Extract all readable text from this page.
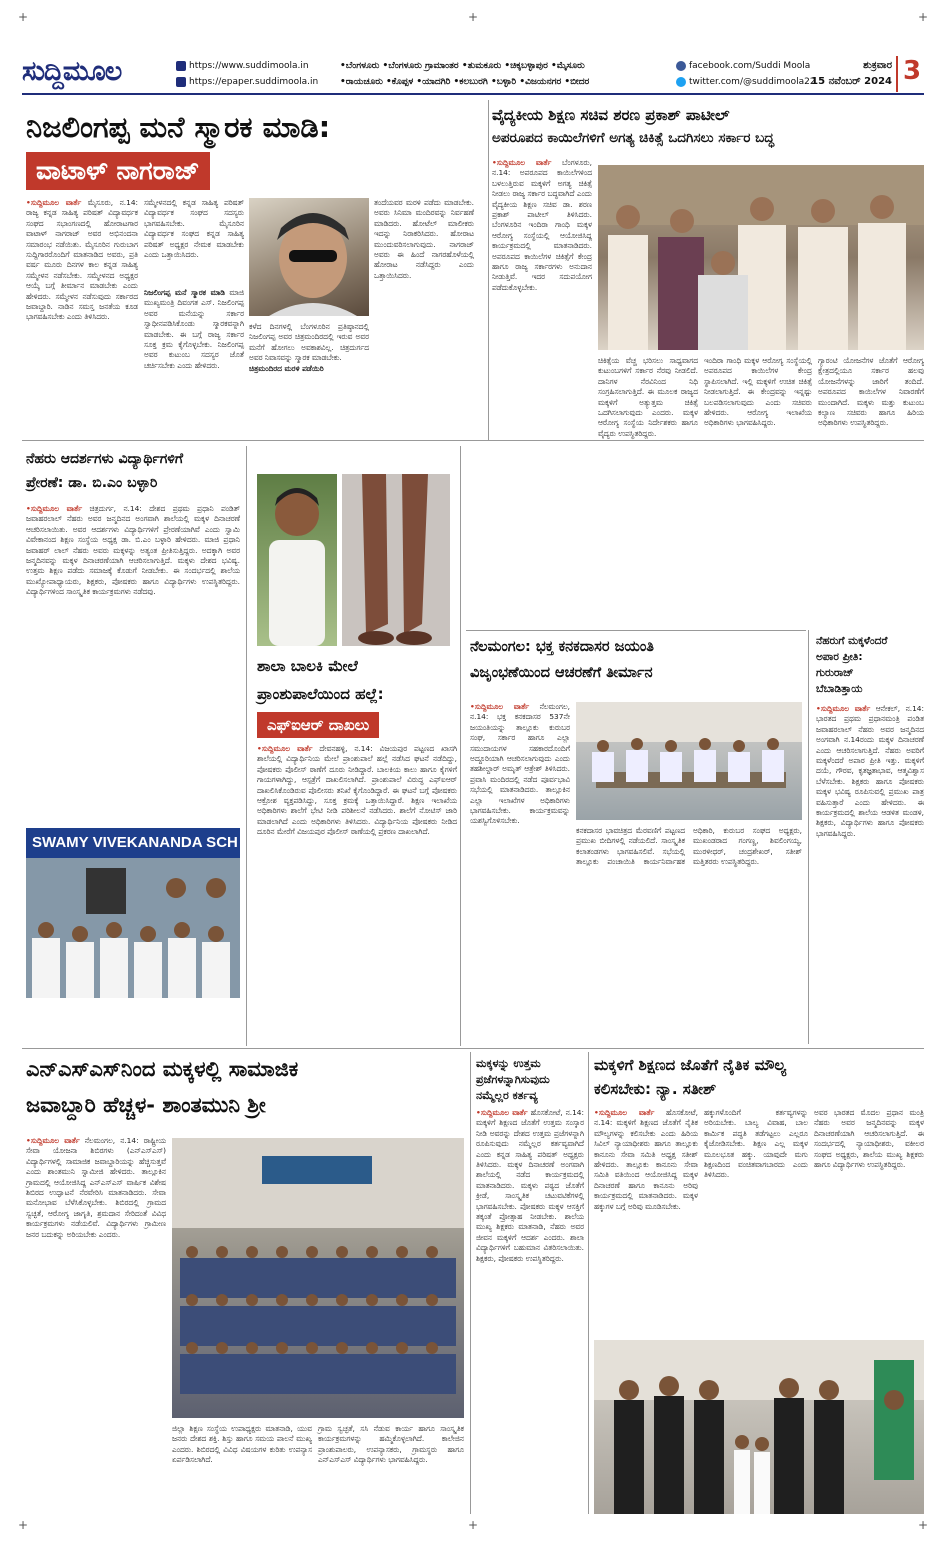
+	+	+
+	+	+
ಸುದ್ದಿಮೂಲ	https://www.suddimoola.in
https://epaper.suddimoola.in
•ಬೆಂಗಳೂರು •ಬೆಂಗಳೂರು ಗ್ರಾಮಾಂತರ •ತುಮಕೂರು •ಚಿಕ್ಕಬಳ್ಳಾಪುರ •ಮೈಸೂರು
•ರಾಯಚೂರು •ಕೊಪ್ಪಳ •ಯಾದಗಿರಿ •ಕಲಬುರಗಿ •ಬಳ್ಳಾರಿ •ವಿಜಯನಗರ •ಬೀದರ
facebook.com/Suddi Moola
twitter.com/@suddimoola22
ಶುಕ್ರವಾರ
15 ನವೆಂಬರ್ 2024 3
ನಿಜಲಿಂಗಪ್ಪ ಮನೆ ಸ್ಮಾರಕ ಮಾಡಿ:
ವಾಟಾಳ್ ನಾಗರಾಜ್
•ಸುದ್ದಿಮೂಲ ವಾರ್ತೆ ಮೈಸೂರು, ನ.14: ರಾಜ್ಯ ಕನ್ನಡ ಸಾಹಿತ್ಯ ಪರಿಷತ್ ವಿದ್ಯಾವರ್ಧಕ ಸಂಘದ ಸಭಾಂಗಣದಲ್ಲಿ ಹೋರಾಟಗಾರ ವಾಟಾಳ್ ನಾಗರಾಜ್ ಅವರ ಅಭಿನಂದನಾ ಸಮಾರಂಭ ನಡೆಯಿತು. ಮೈಸೂರಿನ ಗುರುಬಾಗ ಸುದ್ದಿಗಾರರೊಂದಿಗೆ ಮಾತನಾಡಿದ ಅವರು, ಪ್ರತಿ ವರ್ಷ ಮೂರು ದಿನಗಳ ಕಾಲ ಕನ್ನಡ ಸಾಹಿತ್ಯ ಸಮ್ಮೇಳನ ನಡೆಸಬೇಕು. ಸಮ್ಮೇಳನದ ಅಧ್ಯಕ್ಷರ ಆಯ್ಕೆ ಬಗ್ಗೆ ತೀರ್ಮಾನ ಮಾಡಬೇಕು ಎಂದು ಹೇಳಿದರು. ಸಮ್ಮೇಳನ ನಡೆಸುವುದು ಸರ್ಕಾರದ ಜವಾಬ್ದಾರಿ. ನಾಡಿನ ಸಮಸ್ತ ಜನತೆಯ ಕೂಡ ಭಾಗವಹಿಸಬೇಕು ಎಂದು ತಿಳಿಸಿದರು.
ಸಮ್ಮೇಳನದಲ್ಲಿ ಕನ್ನಡ ಸಾಹಿತ್ಯ ಪರಿಷತ್ ವಿದ್ಯಾವರ್ಧಕ ಸಂಘದ ಸದಸ್ಯರು ಭಾಗವಹಿಸಬೇಕು. ಮೈಸೂರಿನ ವಿದ್ಯಾವರ್ಧಕ ಸಂಘದ ಕನ್ನಡ ಸಾಹಿತ್ಯ ಪರಿಷತ್ ಅಧ್ಯಕ್ಷರ ನೇಮಕ ಮಾಡಬೇಕು ಎಂದು ಒತ್ತಾಯಿಸಿದರು.
ನಿಜಲಿಂಗಪ್ಪ ಮನೆ ಸ್ಮಾರಕ ಮಾಡಿ ಮಾಜಿ ಮುಖ್ಯಮಂತ್ರಿ ದಿವಂಗತ ಎಸ್. ನಿಜಲಿಂಗಪ್ಪ ಅವರ ಮನೆಯನ್ನು ಸರ್ಕಾರ ಸ್ವಾಧೀನಪಡಿಸಿಕೊಂಡು ಸ್ಮಾರಕವನ್ನಾಗಿ ಮಾಡಬೇಕು. ಈ ಬಗ್ಗೆ ರಾಜ್ಯ ಸರ್ಕಾರ ಸೂಕ್ತ ಕ್ರಮ ಕೈಗೊಳ್ಳಬೇಕು. ನಿಜಲಿಂಗಪ್ಪ ಅವರ ಕುಟುಂಬ ಸದಸ್ಯರ ಜೊತೆ ಚರ್ಚಿಸಬೇಕು ಎಂದು ಹೇಳಿದರು.
ಕಳೆದ ದಿನಗಳಲ್ಲಿ ಬೆಂಗಳೂರಿನ ಪ್ರತಿಷ್ಠಾನದಲ್ಲಿ ನಿಜಲಿಂಗಪ್ಪ ಅವರ ಚಿತ್ರಮಂದಿರದಲ್ಲಿ ಇರುವ ಅವರ ಮನೆಗೆ ಹೋಗಲು ಅವಕಾಶವಿಲ್ಲ. ಚಿತ್ರದುರ್ಗದ ಅವರ ನಿವಾಸವನ್ನು ಸ್ಮಾರಕ ಮಾಡಬೇಕು.
ಚಿತ್ರಮಂದಿರದ ಮರಳಿ ಪಡೆಯಿರಿ
ತಂದೆಯವರ ಮರಳಿ ಪಡೆದು ಮಾಡಬೇಕು. ಅವರು ಸಿನಿಮಾ ಮಂದಿರವನ್ನು ನಿರ್ವಹಣೆ ಮಾಡಿದರು. ಹೋಟೆಲ್ ಮಾಲೀಕರು ಇದನ್ನು ನಿರಾಕರಿಸಿದರು. ಹೋರಾಟ ಮುಂದುವರಿಸಲಾಗುವುದು. ನಾಗರಾಜ್ ಅವರು ಈ ಹಿಂದೆ ನಾಗರಹೊಳೆಯಲ್ಲಿ ಹೋರಾಟ ನಡೆಸಿದ್ದರು ಎಂದು ಒತ್ತಾಯಿಸಿದರು.
ವೈದ್ಯಕೀಯ ಶಿಕ್ಷಣ ಸಚಿವ ಶರಣ ಪ್ರಕಾಶ್ ಪಾಟೀಲ್
ಅಪರೂಪದ ಕಾಯಿಲೆಗಳಿಗೆ ಅಗತ್ಯ ಚಿಕಿತ್ಸೆ ಒದಗಿಸಲು ಸರ್ಕಾರ ಬದ್ಧ
•ಸುದ್ದಿಮೂಲ ವಾರ್ತೆ ಬೆಂಗಳೂರು, ನ.14: ಅಪರೂಪದ ಕಾಯಿಲೆಗಳಿಂದ ಬಳಲುತ್ತಿರುವ ಮಕ್ಕಳಿಗೆ ಅಗತ್ಯ ಚಿಕಿತ್ಸೆ ನೀಡಲು ರಾಜ್ಯ ಸರ್ಕಾರ ಬದ್ಧವಾಗಿದೆ ಎಂದು ವೈದ್ಯಕೀಯ ಶಿಕ್ಷಣ ಸಚಿವ ಡಾ. ಶರಣ ಪ್ರಕಾಶ್ ಪಾಟೀಲ್ ತಿಳಿಸಿದರು. ಬೆಂಗಳೂರಿನ ಇಂದಿರಾ ಗಾಂಧಿ ಮಕ್ಕಳ ಆರೋಗ್ಯ ಸಂಸ್ಥೆಯಲ್ಲಿ ಆಯೋಜಿಸಿದ್ದ ಕಾರ್ಯಕ್ರಮದಲ್ಲಿ ಮಾತನಾಡಿದರು. ಅಪರೂಪದ ಕಾಯಿಲೆಗಳ ಚಿಕಿತ್ಸೆಗೆ ಕೇಂದ್ರ ಹಾಗೂ ರಾಜ್ಯ ಸರ್ಕಾರಗಳು ಅನುದಾನ ನೀಡುತ್ತಿವೆ. ಇದರ ಸದುಪಯೋಗ ಪಡೆದುಕೊಳ್ಳಬೇಕು.
ಚಿಕಿತ್ಸೆಯ ವೆಚ್ಚ ಭರಿಸಲು ಸಾಧ್ಯವಾಗದ ಕುಟುಂಬಗಳಿಗೆ ಸರ್ಕಾರ ನೆರವು ನೀಡಲಿದೆ. ದಾನಿಗಳ ನೆರವಿನಿಂದ ನಿಧಿ ಸಂಗ್ರಹಿಸಲಾಗುತ್ತಿದೆ. ಈ ಮೂಲಕ ರಾಜ್ಯದ ಮಕ್ಕಳಿಗೆ ಅತ್ಯುತ್ತಮ ಚಿಕಿತ್ಸೆ ಒದಗಿಸಲಾಗುವುದು ಎಂದರು. ಮಕ್ಕಳ ಆರೋಗ್ಯ ಸಂಸ್ಥೆಯ ನಿರ್ದೇಶಕರು ಹಾಗೂ ವೈದ್ಯರು ಉಪಸ್ಥಿತರಿದ್ದರು.
ಇಂದಿರಾ ಗಾಂಧಿ ಮಕ್ಕಳ ಆರೋಗ್ಯ ಸಂಸ್ಥೆಯಲ್ಲಿ ಅಪರೂಪದ ಕಾಯಿಲೆಗಳ ಕೇಂದ್ರ ಸ್ಥಾಪಿಸಲಾಗಿದೆ. ಇಲ್ಲಿ ಮಕ್ಕಳಿಗೆ ಉಚಿತ ಚಿಕಿತ್ಸೆ ನೀಡಲಾಗುತ್ತಿದೆ. ಈ ಕೇಂದ್ರವನ್ನು ಇನ್ನಷ್ಟು ಬಲಪಡಿಸಲಾಗುವುದು ಎಂದು ಸಚಿವರು ಹೇಳಿದರು. ಆರೋಗ್ಯ ಇಲಾಖೆಯ ಅಧಿಕಾರಿಗಳು ಭಾಗವಹಿಸಿದ್ದರು.
ಗ್ಯಾರಂಟಿ ಯೋಜನೆಗಳ ಜೊತೆಗೆ ಆರೋಗ್ಯ ಕ್ಷೇತ್ರದಲ್ಲಿಯೂ ಸರ್ಕಾರ ಹಲವು ಯೋಜನೆಗಳನ್ನು ಜಾರಿಗೆ ತಂದಿದೆ. ಅಪರೂಪದ ಕಾಯಿಲೆಗಳ ನಿವಾರಣೆಗೆ ಮುಂದಾಗಿದೆ. ಮಕ್ಕಳು ಮತ್ತು ಕುಟುಂಬ ಕಲ್ಯಾಣ ಸಚಿವರು ಹಾಗೂ ಹಿರಿಯ ಅಧಿಕಾರಿಗಳು ಉಪಸ್ಥಿತರಿದ್ದರು.
ನೆಹರು ಆದರ್ಶಗಳು ವಿದ್ಯಾರ್ಥಿಗಳಿಗೆ
ಪ್ರೇರಣೆ: ಡಾ. ಬಿ.ಎಂ ಬಳ್ಳಾರಿ
•ಸುದ್ದಿಮೂಲ ವಾರ್ತೆ ಚಿತ್ರದುರ್ಗ, ನ.14: ದೇಶದ ಪ್ರಥಮ ಪ್ರಧಾನಿ ಪಂಡಿತ್ ಜವಾಹರಲಾಲ್ ನೆಹರು ಅವರ ಜನ್ಮದಿನದ ಅಂಗವಾಗಿ ಶಾಲೆಯಲ್ಲಿ ಮಕ್ಕಳ ದಿನಾಚರಣೆ ಆಚರಿಸಲಾಯಿತು. ಅವರ ಆದರ್ಶಗಳು ವಿದ್ಯಾರ್ಥಿಗಳಿಗೆ ಪ್ರೇರಣೆಯಾಗಿವೆ ಎಂದು ಸ್ವಾಮಿ ವಿವೇಕಾನಂದ ಶಿಕ್ಷಣ ಸಂಸ್ಥೆಯ ಅಧ್ಯಕ್ಷ ಡಾ. ಬಿ.ಎಂ ಬಳ್ಳಾರಿ ಹೇಳಿದರು. ಮಾಜಿ ಪ್ರಧಾನಿ ಜವಾಹರ್ ಲಾಲ್ ನೆಹರು ಅವರು ಮಕ್ಕಳನ್ನು ಅತ್ಯಂತ ಪ್ರೀತಿಸುತ್ತಿದ್ದರು. ಅದಕ್ಕಾಗಿ ಅವರ ಜನ್ಮದಿನವನ್ನು ಮಕ್ಕಳ ದಿನಾಚರಣೆಯಾಗಿ ಆಚರಿಸಲಾಗುತ್ತಿದೆ. ಮಕ್ಕಳು ದೇಶದ ಭವಿಷ್ಯ. ಉತ್ತಮ ಶಿಕ್ಷಣ ಪಡೆದು ಸಮಾಜಕ್ಕೆ ಕೊಡುಗೆ ನೀಡಬೇಕು. ಈ ಸಂದರ್ಭದಲ್ಲಿ ಶಾಲೆಯ ಮುಖ್ಯೋಪಾಧ್ಯಾಯರು, ಶಿಕ್ಷಕರು, ಪೋಷಕರು ಹಾಗೂ ವಿದ್ಯಾರ್ಥಿಗಳು ಉಪಸ್ಥಿತರಿದ್ದರು. ವಿದ್ಯಾರ್ಥಿಗಳಿಂದ ಸಾಂಸ್ಕೃತಿಕ ಕಾರ್ಯಕ್ರಮಗಳು ನಡೆದವು.
SWAMY VIVEKANANDA SCH
ಶಾಲಾ ಬಾಲಕಿ ಮೇಲೆ
ಪ್ರಾಂಶುಪಾಲೆಯಿಂದ ಹಲ್ಲೆ:
ಎಫ್‌ಐಆರ್ ದಾಖಲು
•ಸುದ್ದಿಮೂಲ ವಾರ್ತೆ ದೇವನಹಳ್ಳಿ, ನ.14: ವಿಜಯಪುರ ಪಟ್ಟಣದ ಖಾಸಗಿ ಶಾಲೆಯಲ್ಲಿ ವಿದ್ಯಾರ್ಥಿನಿಯ ಮೇಲೆ ಪ್ರಾಂಶುಪಾಲೆ ಹಲ್ಲೆ ನಡೆಸಿದ ಘಟನೆ ನಡೆದಿದ್ದು, ಪೋಷಕರು ಪೊಲೀಸ್ ಠಾಣೆಗೆ ದೂರು ನೀಡಿದ್ದಾರೆ. ಬಾಲಕಿಯ ಕಾಲು ಹಾಗೂ ಕೈಗಳಿಗೆ ಗಾಯಗಳಾಗಿದ್ದು, ಆಸ್ಪತ್ರೆಗೆ ದಾಖಲಿಸಲಾಗಿದೆ. ಪ್ರಾಂಶುಪಾಲೆ ವಿರುದ್ಧ ಎಫ್‌ಐಆರ್ ದಾಖಲಿಸಿಕೊಂಡಿರುವ ಪೊಲೀಸರು ತನಿಖೆ ಕೈಗೊಂಡಿದ್ದಾರೆ. ಈ ಘಟನೆ ಬಗ್ಗೆ ಪೋಷಕರು ಆಕ್ರೋಶ ವ್ಯಕ್ತಪಡಿಸಿದ್ದು, ಸೂಕ್ತ ಕ್ರಮಕ್ಕೆ ಒತ್ತಾಯಿಸಿದ್ದಾರೆ. ಶಿಕ್ಷಣ ಇಲಾಖೆಯ ಅಧಿಕಾರಿಗಳು ಶಾಲೆಗೆ ಭೇಟಿ ನೀಡಿ ಪರಿಶೀಲನೆ ನಡೆಸಿದರು. ಶಾಲೆಗೆ ನೋಟಿಸ್ ಜಾರಿ ಮಾಡಲಾಗಿದೆ ಎಂದು ಅಧಿಕಾರಿಗಳು ತಿಳಿಸಿದರು. ವಿದ್ಯಾರ್ಥಿನಿಯ ಪೋಷಕರು ನೀಡಿದ ದೂರಿನ ಮೇರೆಗೆ ವಿಜಯಪುರ ಪೊಲೀಸ್ ಠಾಣೆಯಲ್ಲಿ ಪ್ರಕರಣ ದಾಖಲಾಗಿದೆ.
ನೆಲಮಂಗಲ: ಭಕ್ತ ಕನಕದಾಸರ ಜಯಂತಿ
ವಿಜೃಂಭಣೆಯಿಂದ ಆಚರಣೆಗೆ ತೀರ್ಮಾನ
•ಸುದ್ದಿಮೂಲ ವಾರ್ತೆ ನೆಲಮಂಗಲ, ನ.14: ಭಕ್ತ ಕನಕದಾಸರ 537ನೇ ಜಯಂತಿಯನ್ನು ತಾಲ್ಲೂಕು ಕುರುಬರ ಸಂಘ, ಸರ್ಕಾರ ಹಾಗೂ ಎಲ್ಲಾ ಸಮುದಾಯಗಳ ಸಹಕಾರದೊಂದಿಗೆ ಅದ್ದೂರಿಯಾಗಿ ಆಚರಿಸಲಾಗುವುದು ಎಂದು ತಹಶೀಲ್ದಾರ್ ಅಮೃತ್ ಆತ್ರೇಶ್ ತಿಳಿಸಿದರು. ಪ್ರವಾಸಿ ಮಂದಿರದಲ್ಲಿ ನಡೆದ ಪೂರ್ವಭಾವಿ ಸಭೆಯಲ್ಲಿ ಮಾತನಾಡಿದರು. ತಾಲ್ಲೂಕಿನ ಎಲ್ಲಾ ಇಲಾಖೆಗಳ ಅಧಿಕಾರಿಗಳು ಭಾಗವಹಿಸಬೇಕು. ಕಾರ್ಯಕ್ರಮವನ್ನು ಯಶಸ್ವಿಗೊಳಿಸಬೇಕು.
ಕನಕದಾಸರ ಭಾವಚಿತ್ರದ ಮೆರವಣಿಗೆ ಪಟ್ಟಣದ ಪ್ರಮುಖ ಬೀದಿಗಳಲ್ಲಿ ನಡೆಯಲಿದೆ. ಸಾಂಸ್ಕೃತಿಕ ಕಲಾತಂಡಗಳು ಭಾಗವಹಿಸಲಿವೆ. ಸಭೆಯಲ್ಲಿ ತಾಲ್ಲೂಕು ಪಂಚಾಯಿತಿ ಕಾರ್ಯನಿರ್ವಾಹಕ ಅಧಿಕಾರಿ, ಕುರುಬರ ಸಂಘದ ಅಧ್ಯಕ್ಷರು, ಮುಖಂಡರಾದ ಗಂಗಣ್ಣ, ಶಿವಲಿಂಗಯ್ಯ, ಮುರಳೀಧರ್, ಚಂದ್ರಶೇಖರ್, ಸತೀಶ್ ಮತ್ತಿತರರು ಉಪಸ್ಥಿತರಿದ್ದರು.
ನೆಹರುಗೆ ಮಕ್ಕಳೆಂದರೆ
ಅಪಾರ ಪ್ರೀತಿ:
ಗುರುರಾಜ್
ಬೆಬಾಡಿತ್ತಾಯ
•ಸುದ್ದಿಮೂಲ ವಾರ್ತೆ ಆನೇಕಲ್, ನ.14: ಭಾರತದ ಪ್ರಥಮ ಪ್ರಧಾನಮಂತ್ರಿ ಪಂಡಿತ ಜವಾಹರಲಾಲ್ ನೆಹರು ಅವರ ಜನ್ಮದಿನದ ಅಂಗವಾಗಿ ನ.14ರಂದು ಮಕ್ಕಳ ದಿನಾಚರಣೆ ಎಂದು ಆಚರಿಸಲಾಗುತ್ತಿದೆ. ನೆಹರು ಅವರಿಗೆ ಮಕ್ಕಳೆಂದರೆ ಅಪಾರ ಪ್ರೀತಿ ಇತ್ತು. ಮಕ್ಕಳಿಗೆ ದಯೆ, ಗೌರವ, ಕೃತಜ್ಞತಾಭಾವ, ಆತ್ಮವಿಶ್ವಾಸ ಬೆಳೆಸಬೇಕು. ಶಿಕ್ಷಕರು ಹಾಗೂ ಪೋಷಕರು ಮಕ್ಕಳ ಭವಿಷ್ಯ ರೂಪಿಸುವಲ್ಲಿ ಪ್ರಮುಖ ಪಾತ್ರ ವಹಿಸುತ್ತಾರೆ ಎಂದು ಹೇಳಿದರು. ಈ ಕಾರ್ಯಕ್ರಮದಲ್ಲಿ ಶಾಲೆಯ ಆಡಳಿತ ಮಂಡಳಿ, ಶಿಕ್ಷಕರು, ವಿದ್ಯಾರ್ಥಿಗಳು ಹಾಗೂ ಪೋಷಕರು ಭಾಗವಹಿಸಿದ್ದರು.
ಎನ್‌ಎಸ್‌ಎಸ್‌ನಿಂದ ಮಕ್ಕಳಲ್ಲಿ ಸಾಮಾಜಿಕ
ಜವಾಬ್ದಾರಿ ಹೆಚ್ಚಳ- ಶಾಂತಮುನಿ ಶ್ರೀ
•ಸುದ್ದಿಮೂಲ ವಾರ್ತೆ ನೆಲಮಂಗಲ, ನ.14: ರಾಷ್ಟ್ರೀಯ ಸೇವಾ ಯೋಜನಾ ಶಿಬಿರಗಳು (ಎನ್‌ಎಸ್‌ಎಸ್) ವಿದ್ಯಾರ್ಥಿಗಳಲ್ಲಿ ಸಾಮಾಜಿಕ ಜವಾಬ್ದಾರಿಯನ್ನು ಹೆಚ್ಚಿಸುತ್ತವೆ ಎಂದು ಶಾಂತಮುನಿ ಸ್ವಾಮೀಜಿ ಹೇಳಿದರು. ತಾಲ್ಲೂಕಿನ ಗ್ರಾಮದಲ್ಲಿ ಆಯೋಜಿಸಿದ್ದ ಎನ್‌ಎಸ್‌ಎಸ್ ವಾರ್ಷಿಕ ವಿಶೇಷ ಶಿಬಿರದ ಉದ್ಘಾಟನೆ ನೆರವೇರಿಸಿ ಮಾತನಾಡಿದರು. ಸೇವಾ ಮನೋಭಾವ ಬೆಳೆಸಿಕೊಳ್ಳಬೇಕು. ಶಿಬಿರದಲ್ಲಿ ಗ್ರಾಮದ ಸ್ವಚ್ಛತೆ, ಆರೋಗ್ಯ ಜಾಗೃತಿ, ಶ್ರಮದಾನ ಸೇರಿದಂತೆ ವಿವಿಧ ಕಾರ್ಯಕ್ರಮಗಳು ನಡೆಯಲಿವೆ. ವಿದ್ಯಾರ್ಥಿಗಳು ಗ್ರಾಮೀಣ ಜನರ ಬದುಕನ್ನು ಅರಿಯಬೇಕು ಎಂದರು.
ಜಿಲ್ಲಾ ಶಿಕ್ಷಣ ಸಂಸ್ಥೆಯ ಉಪಾಧ್ಯಕ್ಷರು ಮಾತನಾಡಿ, ಯುವ ಜನರು ದೇಶದ ಶಕ್ತಿ. ಶಿಸ್ತು ಹಾಗೂ ಸಮಯ ಪಾಲನೆ ಮುಖ್ಯ ಎಂದರು. ಶಿಬಿರದಲ್ಲಿ ವಿವಿಧ ವಿಷಯಗಳ ಕುರಿತು ಉಪನ್ಯಾಸ ಏರ್ಪಡಿಸಲಾಗಿದೆ.
ಗ್ರಾಮ ಸ್ವಚ್ಛತೆ, ಸಸಿ ನೆಡುವ ಕಾರ್ಯ ಹಾಗೂ ಸಾಂಸ್ಕೃತಿಕ ಕಾರ್ಯಕ್ರಮಗಳನ್ನು ಹಮ್ಮಿಕೊಳ್ಳಲಾಗಿದೆ. ಕಾಲೇಜಿನ ಪ್ರಾಂಶುಪಾಲರು, ಉಪನ್ಯಾಸಕರು, ಗ್ರಾಮಸ್ಥರು ಹಾಗೂ ಎನ್‌ಎಸ್‌ಎಸ್ ವಿದ್ಯಾರ್ಥಿಗಳು ಭಾಗವಹಿಸಿದ್ದರು.
ಮಕ್ಕಳನ್ನು ಉತ್ತಮ ಪ್ರಜೆಗಳನ್ನಾಗಿಸುವುದು ನಮ್ಮೆಲ್ಲರ ಕರ್ತವ್ಯ
•ಸುದ್ದಿಮೂಲ ವಾರ್ತೆ ಹೊಸಕೋಟೆ, ನ.14: ಮಕ್ಕಳಿಗೆ ಶಿಕ್ಷಣದ ಜೊತೆಗೆ ಉತ್ತಮ ಸಂಸ್ಕಾರ ನೀಡಿ ಅವರನ್ನು ದೇಶದ ಉತ್ತಮ ಪ್ರಜೆಗಳನ್ನಾಗಿ ರೂಪಿಸುವುದು ನಮ್ಮೆಲ್ಲರ ಕರ್ತವ್ಯವಾಗಿದೆ ಎಂದು ಕನ್ನಡ ಸಾಹಿತ್ಯ ಪರಿಷತ್ ಅಧ್ಯಕ್ಷರು ತಿಳಿಸಿದರು. ಮಕ್ಕಳ ದಿನಾಚರಣೆ ಅಂಗವಾಗಿ ಶಾಲೆಯಲ್ಲಿ ನಡೆದ ಕಾರ್ಯಕ್ರಮದಲ್ಲಿ ಮಾತನಾಡಿದರು. ಮಕ್ಕಳು ಪಠ್ಯದ ಜೊತೆಗೆ ಕ್ರೀಡೆ, ಸಾಂಸ್ಕೃತಿಕ ಚಟುವಟಿಕೆಗಳಲ್ಲಿ ಭಾಗವಹಿಸಬೇಕು. ಪೋಷಕರು ಮಕ್ಕಳ ಆಸಕ್ತಿಗೆ ತಕ್ಕಂತೆ ಪ್ರೋತ್ಸಾಹ ನೀಡಬೇಕು. ಶಾಲೆಯ ಮುಖ್ಯ ಶಿಕ್ಷಕರು ಮಾತನಾಡಿ, ನೆಹರು ಅವರ ಜೀವನ ಮಕ್ಕಳಿಗೆ ಆದರ್ಶ ಎಂದರು. ಶಾಲಾ ವಿದ್ಯಾರ್ಥಿಗಳಿಗೆ ಬಹುಮಾನ ವಿತರಿಸಲಾಯಿತು. ಶಿಕ್ಷಕರು, ಪೋಷಕರು ಉಪಸ್ಥಿತರಿದ್ದರು.
ಮಕ್ಕಳಿಗೆ ಶಿಕ್ಷಣದ ಜೊತೆಗೆ ನೈತಿಕ ಮೌಲ್ಯ
ಕಲಿಸಬೇಕು: ನ್ಯಾ. ಸತೀಶ್
•ಸುದ್ದಿಮೂಲ ವಾರ್ತೆ ಹೊಸಕೋಟೆ, ನ.14: ಮಕ್ಕಳಿಗೆ ಶಿಕ್ಷಣದ ಜೊತೆಗೆ ನೈತಿಕ ಮೌಲ್ಯಗಳನ್ನು ಕಲಿಸಬೇಕು ಎಂದು ಹಿರಿಯ ಸಿವಿಲ್ ನ್ಯಾಯಾಧೀಶರು ಹಾಗೂ ತಾಲ್ಲೂಕು ಕಾನೂನು ಸೇವಾ ಸಮಿತಿ ಅಧ್ಯಕ್ಷ ಸತೀಶ್ ಹೇಳಿದರು. ತಾಲ್ಲೂಕು ಕಾನೂನು ಸೇವಾ ಸಮಿತಿ ವತಿಯಿಂದ ಆಯೋಜಿಸಿದ್ದ ಮಕ್ಕಳ ದಿನಾಚರಣೆ ಹಾಗೂ ಕಾನೂನು ಅರಿವು ಕಾರ್ಯಕ್ರಮದಲ್ಲಿ ಮಾತನಾಡಿದರು. ಮಕ್ಕಳ ಹಕ್ಕುಗಳ ಬಗ್ಗೆ ಅರಿವು ಮೂಡಿಸಬೇಕು.
ಹಕ್ಕುಗಳೊಂದಿಗೆ ಕರ್ತವ್ಯಗಳನ್ನು ಅರಿಯಬೇಕು. ಬಾಲ್ಯ ವಿವಾಹ, ಬಾಲ ಕಾರ್ಮಿಕ ಪದ್ಧತಿ ತಡೆಗಟ್ಟಲು ಎಲ್ಲರೂ ಕೈಜೋಡಿಸಬೇಕು. ಶಿಕ್ಷಣ ಎಲ್ಲ ಮಕ್ಕಳ ಮೂಲಭೂತ ಹಕ್ಕು. ಯಾವುದೇ ಮಗು ಶಿಕ್ಷಣದಿಂದ ವಂಚಿತವಾಗಬಾರದು ಎಂದು ತಿಳಿಸಿದರು.
ಅವರ ಭಾರತದ ಮೊದಲ ಪ್ರಧಾನ ಮಂತ್ರಿ ನೆಹರು ಅವರ ಜನ್ಮದಿನವನ್ನು ಮಕ್ಕಳ ದಿನಾಚರಣೆಯಾಗಿ ಆಚರಿಸಲಾಗುತ್ತಿದೆ. ಈ ಸಂದರ್ಭದಲ್ಲಿ ನ್ಯಾಯಾಧೀಶರು, ವಕೀಲರ ಸಂಘದ ಅಧ್ಯಕ್ಷರು, ಶಾಲೆಯ ಮುಖ್ಯ ಶಿಕ್ಷಕರು ಹಾಗೂ ವಿದ್ಯಾರ್ಥಿಗಳು ಉಪಸ್ಥಿತರಿದ್ದರು.
